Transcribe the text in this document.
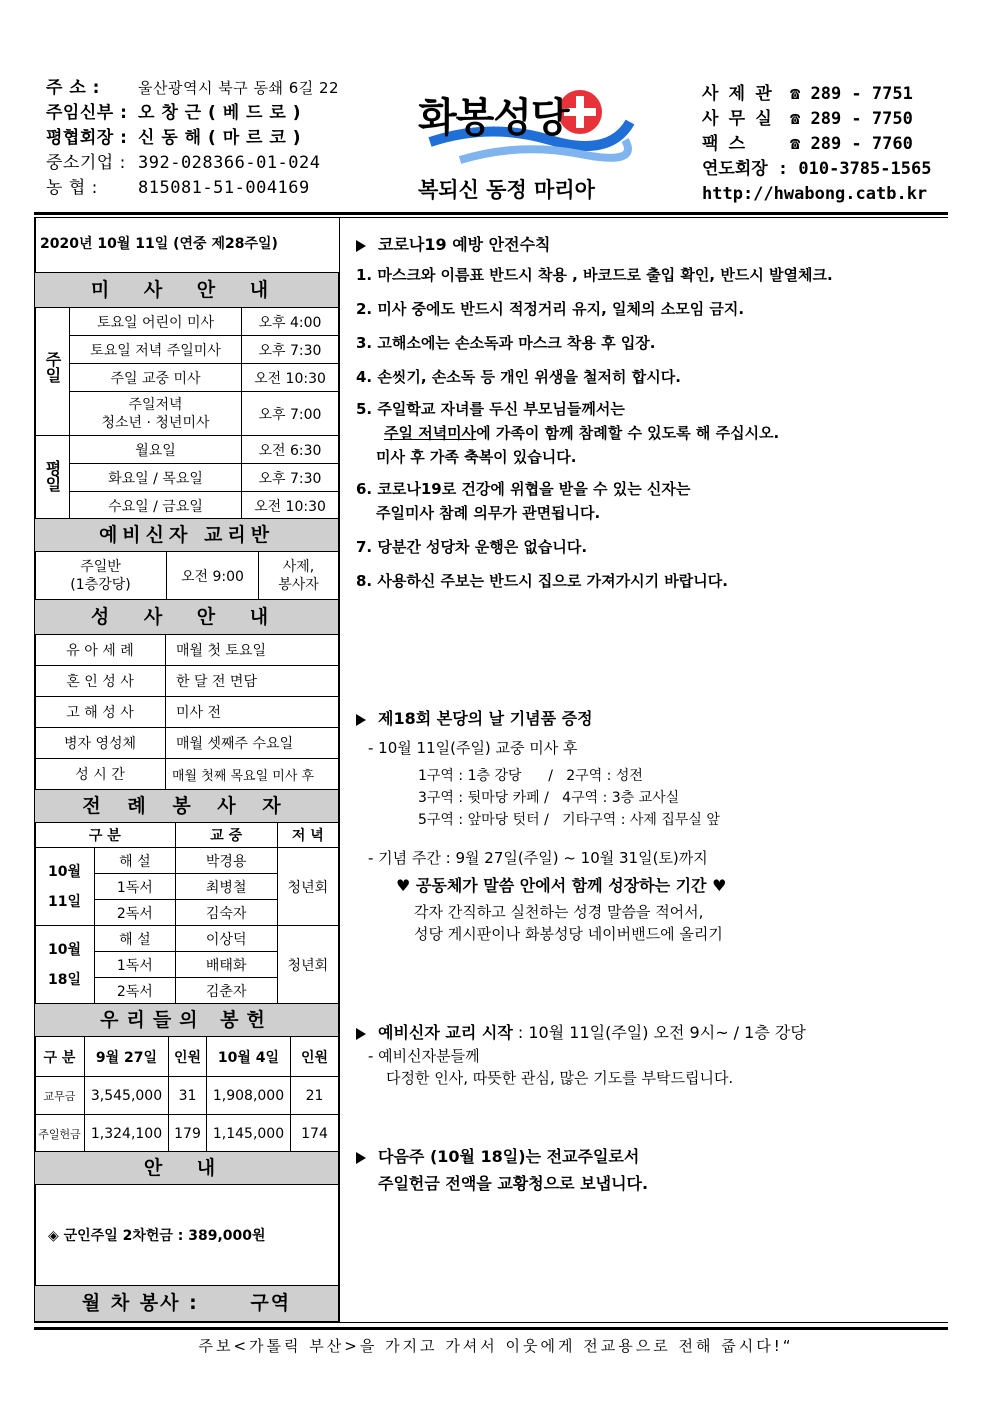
주 소 :	울산광역시 북구 동쇄 6길 22
주임신부 : 오 창 근 ( 베 드 로 )
평협회장 : 신 동 해 ( 마 르 코 )
중소기업 : 392-028366-01-024
농 협 : 815081-51-004169
화봉성당
복되신 동정 마리아
사 제 관 ☎ 289 - 7751
사 무 실 ☎ 289 - 7750
팩 스	☎ 289 - 7760
연도회장 : 010-3785-1565
http://hwabong.catb.kr
2020년 10월 11일 (연중 제28주일)
미 사 안 내
주일	토요일 어린이 미사	오후 4:00
	토요일 저녁 주일미사	오후 7:30
	주일 교중 미사	오전 10:30
	주일저녁
청소년 · 청년미사	오후 7:00
평일	월요일	오전 6:30
	화요일 / 목요일	오후 7:30
	수요일 / 금요일	오전 10:30
예비신자 교리반
주일반
(1층강당)	오전 9:00	사제,
봉사자
성 사 안 내
유 아 세 례	매월 첫 토요일
혼 인 성 사	한 달 전 면담
고 해 성 사	미사 전
병자 영성체	매월 셋째주 수요일
성 시 간	매월 첫째 목요일 미사 후
전 례 봉 사 자
구 분		교 중	저 녁
10월
11일	해 설	박경용	청년회
	1독서	최병철	
	2독서	김숙자	
10월
18일	해 설	이상덕	청년회
	1독서	배태화	
	2독서	김춘자	
우리들의 봉헌
구 분	9월 27일	인원	10월 4일	인원
교무금	3,545,000	31	1,908,000	21
주일헌금	1,324,100	179	1,145,000	174
안 내
◈ 군인주일 2차헌금 : 389,000원
월 차 봉사 :      구역
코로나19 예방 안전수칙

1. 마스크와 이름표 반드시 착용 , 바코드로 출입 확인, 반드시 발열체크.

2. 미사 중에도 반드시 적정거리 유지, 일체의 소모임 금지.

3. 고해소에는 손소독과 마스크 착용 후 입장.

4. 손씻기, 손소독 등 개인 위생을 철저히 합시다.

5. 주일학교 자녀를 두신 부모님들께서는

주일 저녁미사에 가족이 함께 참례할 수 있도록 해 주십시오.

미사 후 가족 축복이 있습니다.

6. 코로나19로 건강에 위협을 받을 수 있는 신자는

주일미사 참례 의무가 관면됩니다.

7. 당분간 성당차 운행은 없습니다.

8. 사용하신 주보는 반드시 집으로 가져가시기 바랍니다.

제18회 본당의 날 기념품 증정
- 10월 11일(주일) 교중 미사 후
1구역 : 1층 강당      /   2구역 : 성전
3구역 : 뒷마당 카페 /   4구역 : 3층 교사실
5구역 : 앞마당 텃터 /   기타구역 : 사제 집무실 앞
- 기념 주간 : 9월 27일(주일) ~ 10월 31일(토)까지
♥ 공동체가 말씀 안에서 함께 성장하는 기간 ♥
각자 간직하고 실천하는 성경 말씀을 적어서,
성당 게시판이나 화봉성당 네이버밴드에 올리기
예비신자 교리 시작 : 10월 11일(주일) 오전 9시~ / 1층 강당
- 예비신자분들께
다정한 인사, 따뜻한 관심, 많은 기도를 부탁드립니다.
다음주 (10월 18일)는 전교주일로서
주일헌금 전액을 교황청으로 보냅니다.
주보<가톨릭 부산>을 가지고 가셔서 이웃에게 전교용으로 전해 줍시다!“
